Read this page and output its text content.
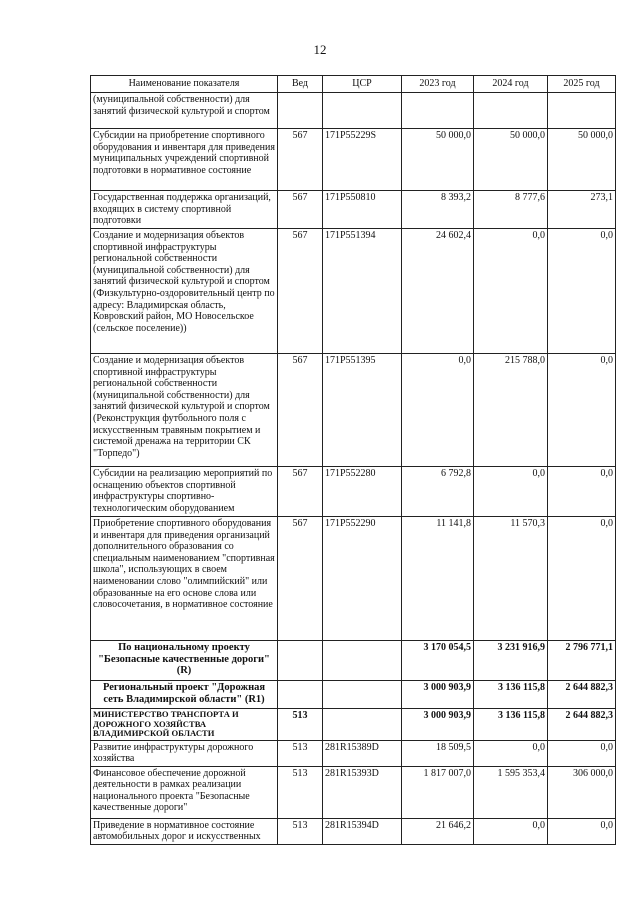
12
Наименование показателя	Вед	ЦСР	2023 год	2024 год	2025 год
(муниципальной собственности) для занятий физической культурой и спортом					
Субсидии на приобретение спортивного оборудования и инвентаря для приведения муниципальных учреждений спортивной подготовки в нормативное состояние	567	171P55229S	50 000,0	50 000,0	50 000,0
Государственная поддержка организаций, входящих в систему спортивной подготовки	567	171P550810	8 393,2	8 777,6	273,1
Создание и модернизация объектов спортивной инфраструктуры региональной собственности (муниципальной собственности) для занятий физической культурой и спортом (Физкультурно-оздоровительный центр по адресу: Владимирская область, Ковровский район, МО Новосельское (сельское поселение))	567	171P551394	24 602,4	0,0	0,0
Создание и модернизация объектов спортивной инфраструктуры региональной собственности (муниципальной собственности) для занятий физической культурой и спортом (Реконструкция футбольного поля с искусственным травяным покрытием и системой дренажа на территории СК "Торпедо")	567	171P551395	0,0	215 788,0	0,0
Субсидии на реализацию мероприятий по оснащению объектов спортивной инфраструктуры спортивно-технологическим оборудованием	567	171P552280	6 792,8	0,0	0,0
Приобретение спортивного оборудования и инвентаря для приведения организаций дополнительного образования со специальным наименованием "спортивная школа", использующих в своем наименовании слово "олимпийский" или образованные на его основе слова или словосочетания, в нормативное состояние	567	171P552290	11 141,8	11 570,3	0,0
По национальному проекту "Безопасные качественные дороги" (R)			3 170 054,5	3 231 916,9	2 796 771,1
Региональный проект "Дорожная сеть Владимирской области" (R1)			3 000 903,9	3 136 115,8	2 644 882,3
МИНИСТЕРСТВО ТРАНСПОРТА И ДОРОЖНОГО ХОЗЯЙСТВА ВЛАДИМИРСКОЙ ОБЛАСТИ	513		3 000 903,9	3 136 115,8	2 644 882,3
Развитие инфраструктуры дорожного хозяйства	513	281R15389D	18 509,5	0,0	0,0
Финансовое обеспечение дорожной деятельности в рамках реализации национального проекта "Безопасные качественные дороги"	513	281R15393D	1 817 007,0	1 595 353,4	306 000,0
Приведение в нормативное состояние автомобильных дорог и искусственных	513	281R15394D	21 646,2	0,0	0,0
